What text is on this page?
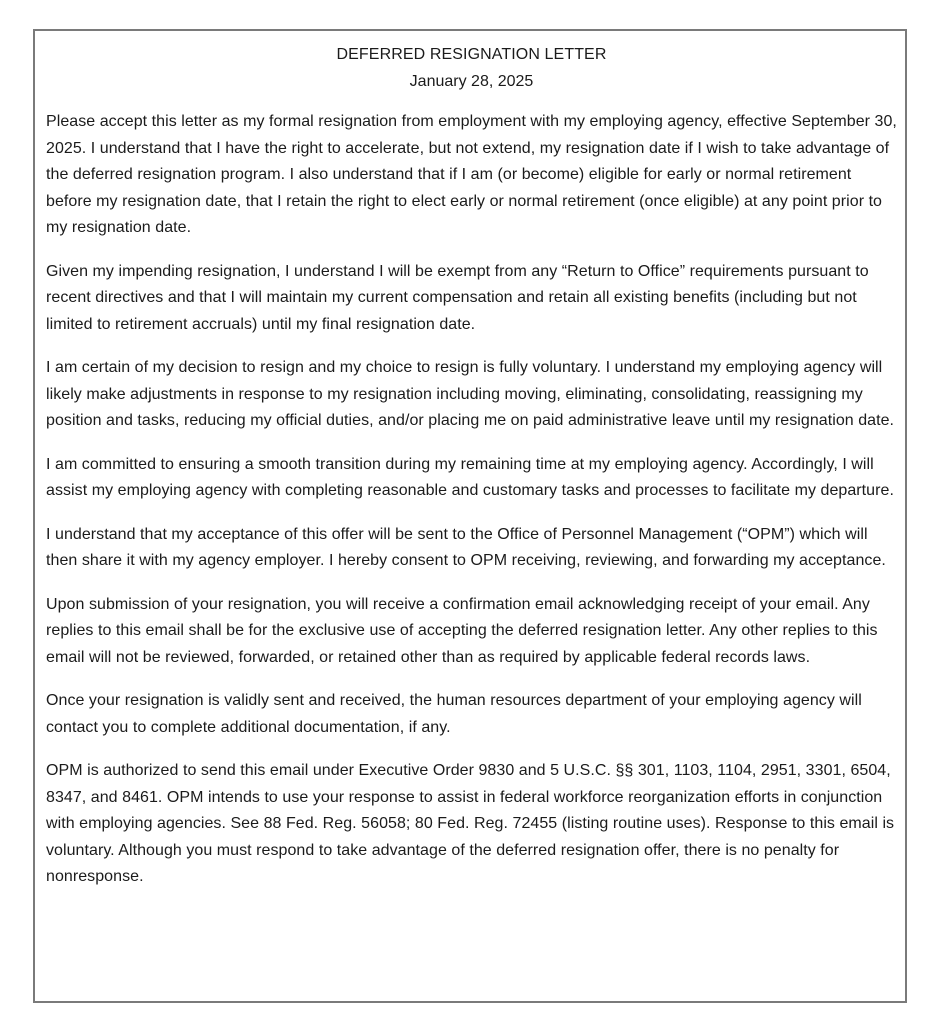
DEFERRED RESIGNATION LETTER

January 28, 2025

Please accept this letter as my formal resignation from employment with my employing agency, effective September 30, 2025. I understand that I have the right to accelerate, but not extend, my resignation date if I wish to take advantage of the deferred resignation program. I also understand that if I am (or become) eligible for early or normal retirement before my resignation date, that I retain the right to elect early or normal retirement (once eligible) at any point prior to my resignation date.

Given my impending resignation, I understand I will be exempt from any “Return to Office” requirements pursuant to recent directives and that I will maintain my current compensation and retain all existing benefits (including but not limited to retirement accruals) until my final resignation date.

I am certain of my decision to resign and my choice to resign is fully voluntary. I understand my employing agency will likely make adjustments in response to my resignation including moving, eliminating, consolidating, reassigning my position and tasks, reducing my official duties, and/or placing me on paid administrative leave until my resignation date.

I am committed to ensuring a smooth transition during my remaining time at my employing agency. Accordingly, I will assist my employing agency with completing reasonable and customary tasks and processes to facilitate my departure.

I understand that my acceptance of this offer will be sent to the Office of Personnel Management (“OPM”) which will then share it with my agency employer. I hereby consent to OPM receiving, reviewing, and forwarding my acceptance.

Upon submission of your resignation, you will receive a confirmation email acknowledging receipt of your email. Any replies to this email shall be for the exclusive use of accepting the deferred resignation letter. Any other replies to this email will not be reviewed, forwarded, or retained other than as required by applicable federal records laws.

Once your resignation is validly sent and received, the human resources department of your employing agency will contact you to complete additional documentation, if any.

OPM is authorized to send this email under Executive Order 9830 and 5 U.S.C. §§ 301, 1103, 1104, 2951, 3301, 6504, 8347, and 8461. OPM intends to use your response to assist in federal workforce reorganization efforts in conjunction with employing agencies. See 88 Fed. Reg. 56058; 80 Fed. Reg. 72455 (listing routine uses). Response to this email is voluntary. Although you must respond to take advantage of the deferred resignation offer, there is no penalty for nonresponse.
